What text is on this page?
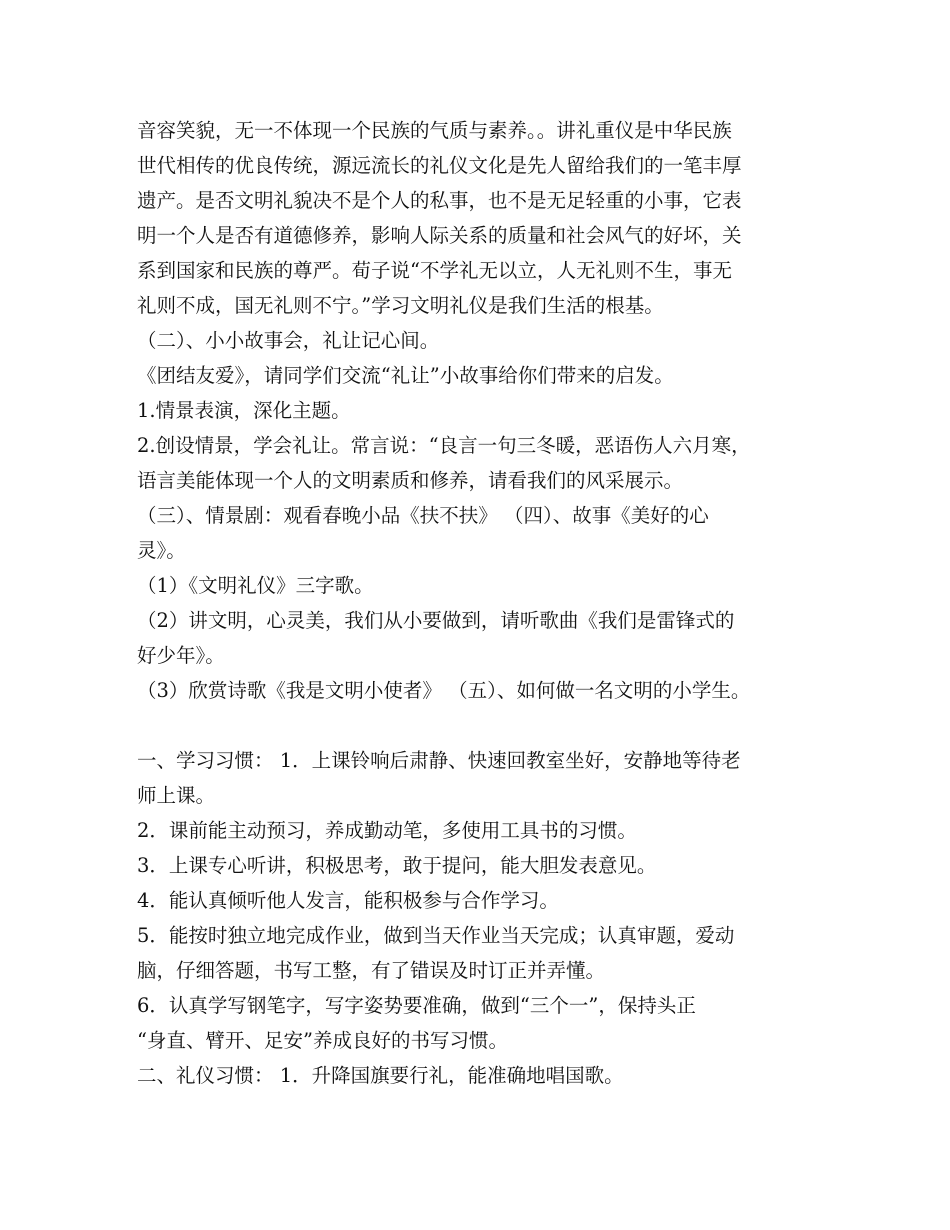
音容笑貌，无一不体现一个民族的气质与素养。。讲礼重仪是中华民族
世代相传的优良传统，源远流长的礼仪文化是先人留给我们的一笔丰厚
遗产。是否文明礼貌决不是个人的私事，也不是无足轻重的小事，它表
明一个人是否有道德修养，影响人际关系的质量和社会风气的好坏，关
系到国家和民族的尊严。荀子说“不学礼无以立，人无礼则不生，事无
礼则不成，国无礼则不宁。”学习文明礼仪是我们生活的根基。
（二）、小小故事会，礼让记心间。
《团结友爱》，请同学们交流“礼让”小故事给你们带来的启发。
1.情景表演，深化主题。
2.创设情景，学会礼让。常言说：“良言一句三冬暖，恶语伤人六月寒，
语言美能体现一个人的文明素质和修养，请看我们的风采展示。
（三）、情景剧：观看春晚小品《扶不扶》 （四）、故事《美好的心
灵》。
（1）《文明礼仪》三字歌。
（2）讲文明，心灵美，我们从小要做到，请听歌曲《我们是雷锋式的
好少年》。
（3）欣赏诗歌《我是文明小使者》 （五）、如何做一名文明的小学生。
一、学习习惯： 1．上课铃响后肃静、快速回教室坐好，安静地等待老
师上课。
2．课前能主动预习，养成勤动笔，多使用工具书的习惯。
3．上课专心听讲，积极思考，敢于提问，能大胆发表意见。
4．能认真倾听他人发言，能积极参与合作学习。
5．能按时独立地完成作业，做到当天作业当天完成；认真审题，爱动
脑，仔细答题，书写工整，有了错误及时订正并弄懂。
6．认真学写钢笔字，写字姿势要准确，做到“三个一”，保持头正
“身直、臂开、足安”养成良好的书写习惯。
二、礼仪习惯： 1．升降国旗要行礼，能准确地唱国歌。
